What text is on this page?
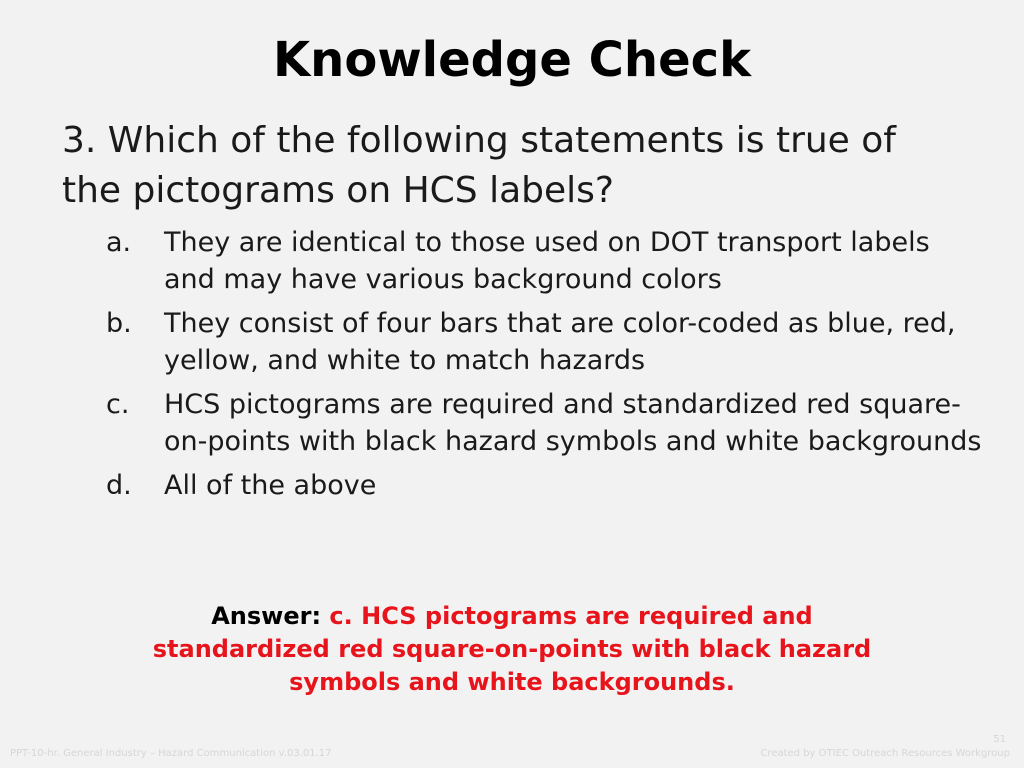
Knowledge Check
3. Which of the following statements is true of the pictograms on HCS labels?
a.	They are identical to those used on DOT transport labels and may have various background colors
b.	They consist of four bars that are color-coded as blue, red, yellow, and white to match hazards
c.	HCS pictograms are required and standardized red square-on-points with black hazard symbols and white backgrounds
d.	All of the above
Answer: c. HCS pictograms are required and standardized red square-on-points with black hazard symbols and white backgrounds.
PPT-10-hr. General Industry – Hazard Communication v.03.01.17
51
Created by OTIEC Outreach Resources Workgroup
